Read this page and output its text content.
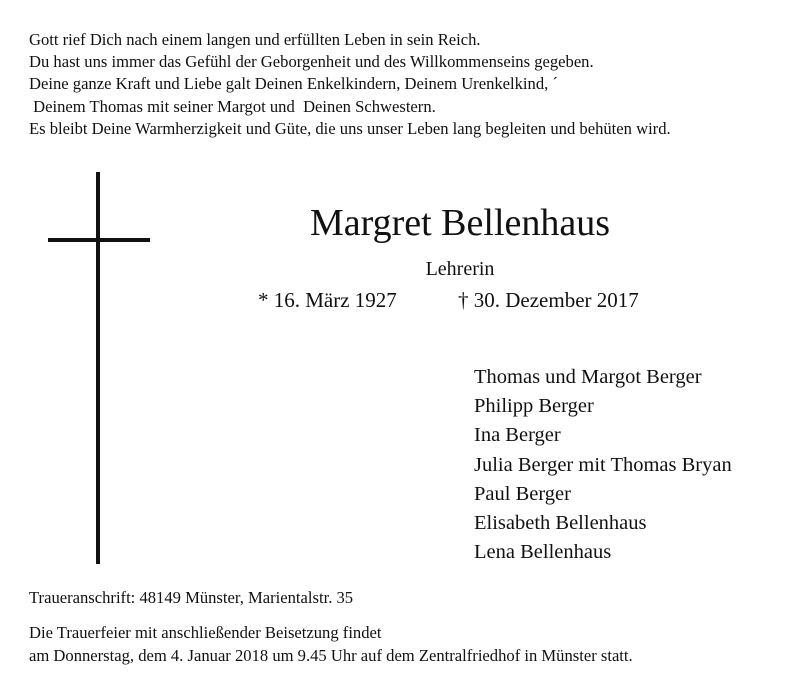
Gott rief Dich nach einem langen und erfüllten Leben in sein Reich.
Du hast uns immer das Gefühl der Geborgenheit und des Willkommenseins gegeben.
Deine ganze Kraft und Liebe galt Deinen Enkelkindern, Deinem Urenkelkind, ´
Deinem Thomas mit seiner Margot und  Deinen Schwestern.
Es bleibt Deine Warmherzigkeit und Güte, die uns unser Leben lang begleiten und behüten wird.
Margret Bellenhaus
Lehrerin
* 16. März 1927	† 30. Dezember 2017
Thomas und Margot Berger
Philipp Berger
Ina Berger
Julia Berger mit Thomas Bryan
Paul Berger
Elisabeth Bellenhaus
Lena Bellenhaus
Traueranschrift: 48149 Münster, Marientalstr. 35
Die Trauerfeier mit anschließender Beisetzung findet
am Donnerstag, dem 4. Januar 2018 um 9.45 Uhr auf dem Zentralfriedhof in Münster statt.
